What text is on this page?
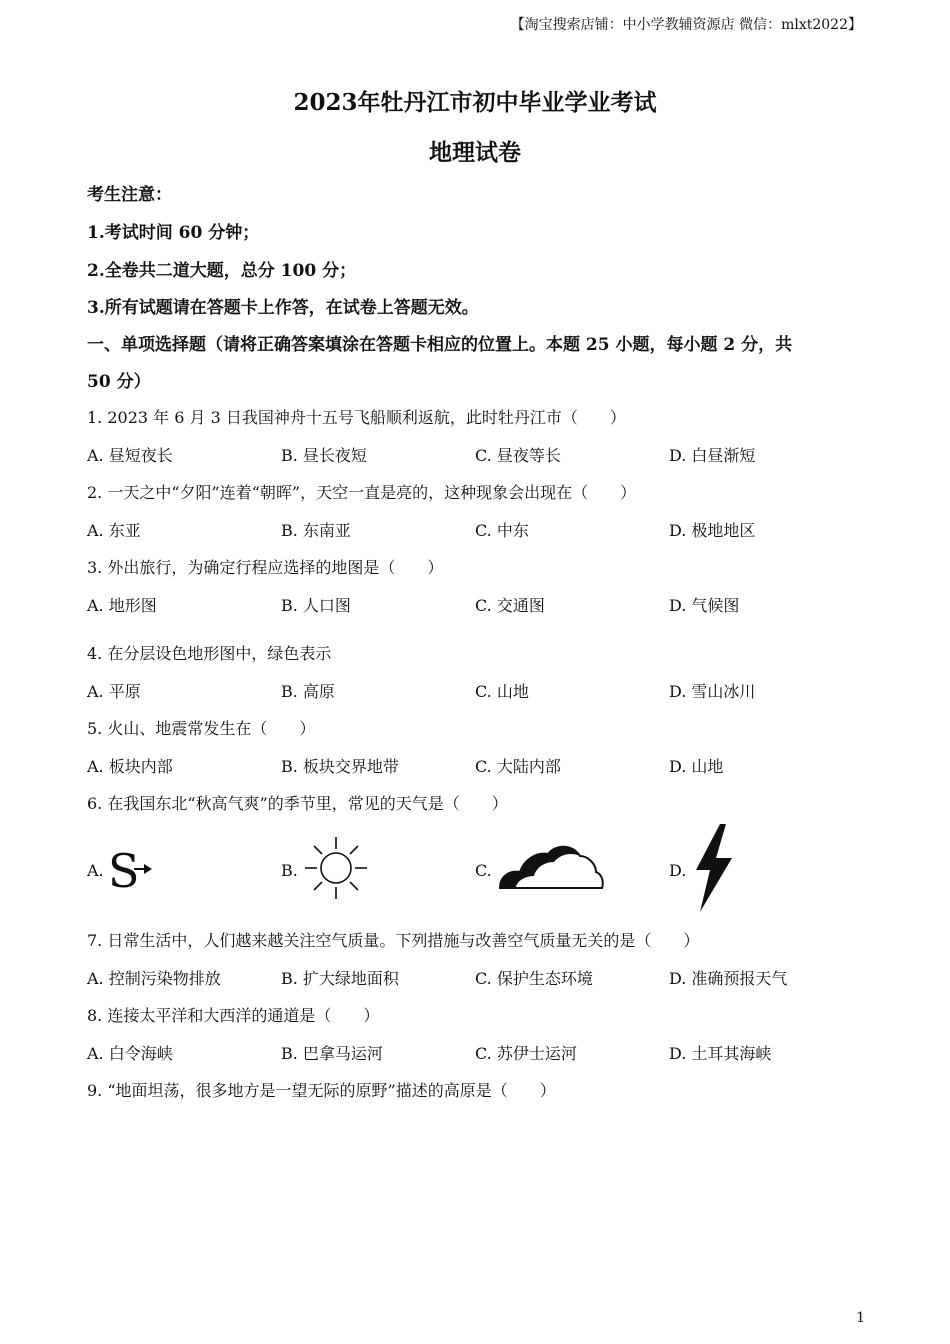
【淘宝搜索店铺：中小学教辅资源店 微信：mlxt2022】
2023年牡丹江市初中毕业学业考试
地理试卷
考生注意：
1.考试时间 60 分钟；
2.全卷共二道大题，总分 100 分；
3.所有试题请在答题卡上作答，在试卷上答题无效。
一、单项选择题（请将正确答案填涂在答题卡相应的位置上。本题 25 小题，每小题 2 分，共
50 分）
1. 2023 年 6 月 3 日我国神舟十五号飞船顺利返航，此时牡丹江市（　　）
A. 昼短夜长	B. 昼长夜短	C. 昼夜等长	D. 白昼渐短
2. 一天之中“夕阳”连着“朝晖”，天空一直是亮的，这种现象会出现在（　　）
A. 东亚	B. 东南亚	C. 中东	D. 极地地区
3. 外出旅行，为确定行程应选择的地图是（　　）
A. 地形图	B. 人口图	C. 交通图	D. 气候图
4. 在分层设色地形图中，绿色表示
A. 平原	B. 高原	C. 山地	D. 雪山冰川
5. 火山、地震常发生在（　　）
A. 板块内部	B. 板块交界地带	C. 大陆内部	D. 山地
6. 在我国东北“秋高气爽”的季节里，常见的天气是（　　）
A.	B.	C.	D.
S
7. 日常生活中，人们越来越关注空气质量。下列措施与改善空气质量无关的是（　　）
A. 控制污染物排放	B. 扩大绿地面积	C. 保护生态环境	D. 准确预报天气
8. 连接太平洋和大西洋的通道是（　　）
A. 白令海峡	B. 巴拿马运河	C. 苏伊士运河	D. 土耳其海峡
9. “地面坦荡，很多地方是一望无际的原野”描述的高原是（　　）
1
